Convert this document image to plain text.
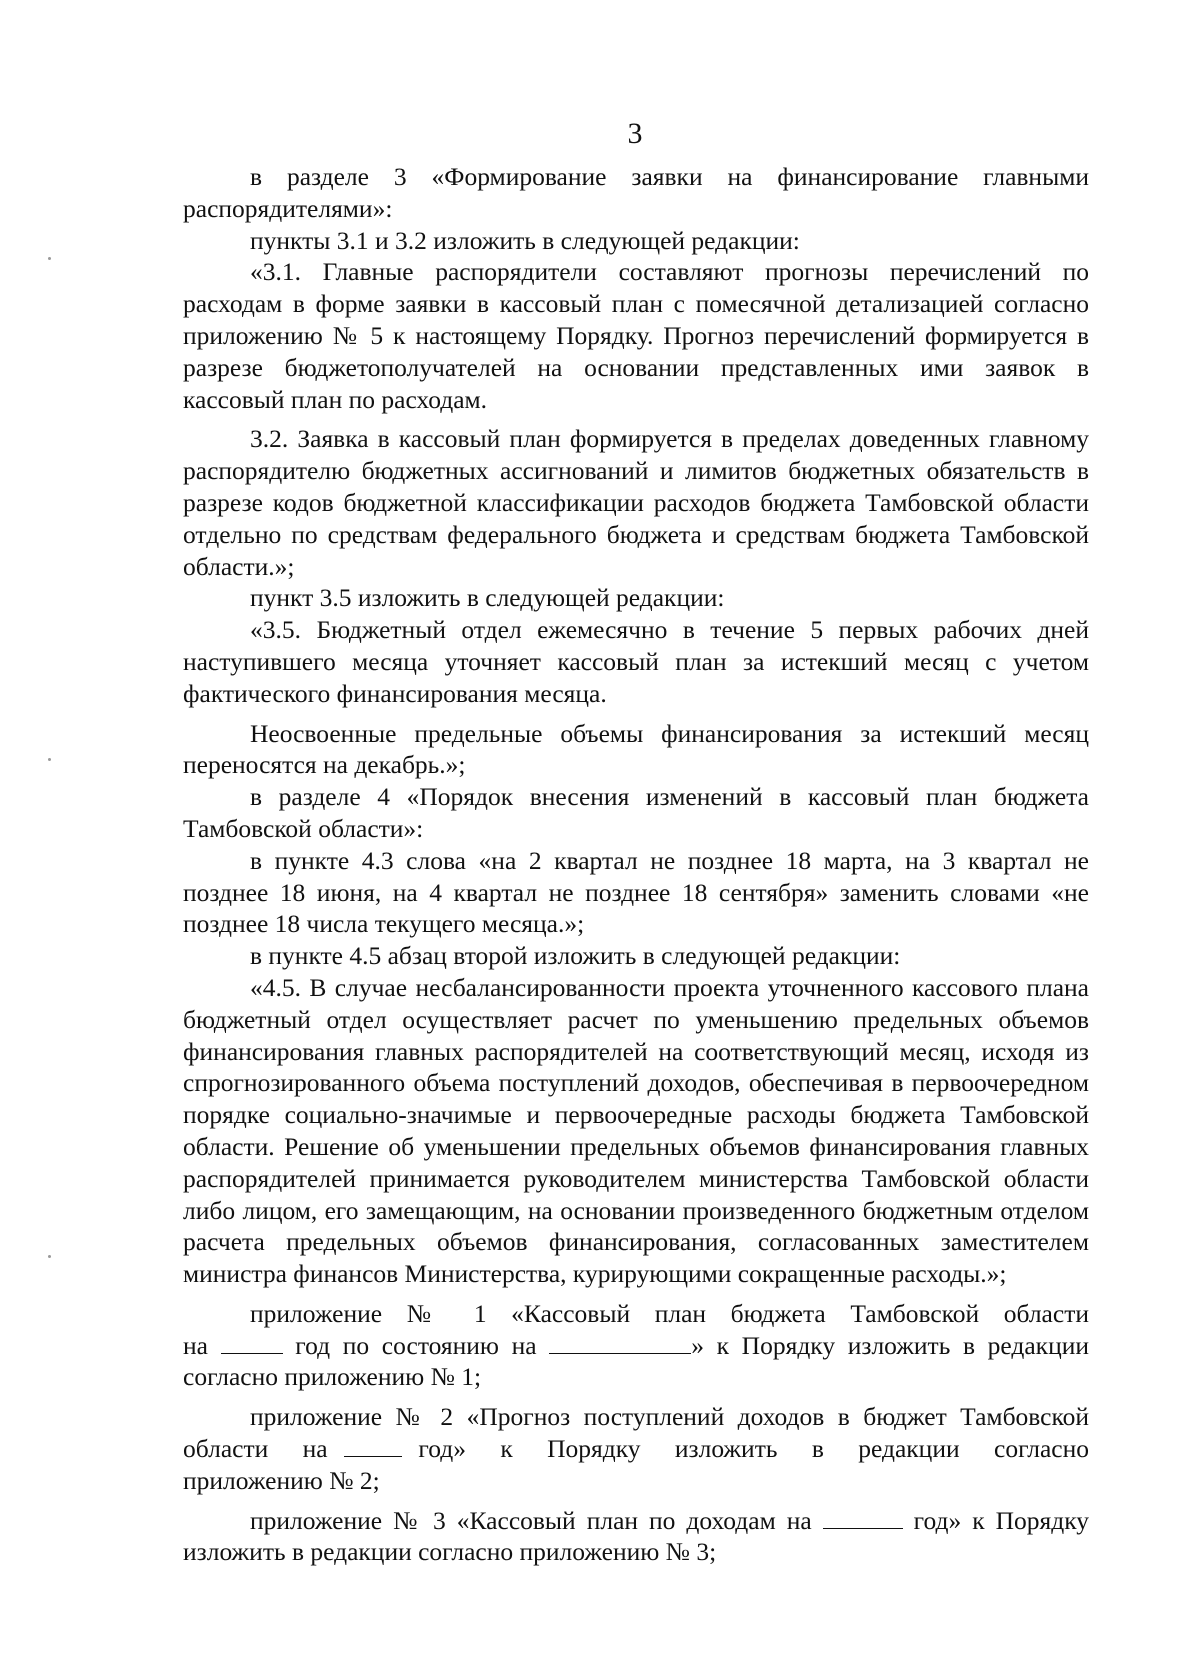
3

в разделе 3 «Формирование заявки на финансирование главными распорядителями»:

пункты 3.1 и 3.2 изложить в следующей редакции:

«3.1. Главные распорядители составляют прогнозы перечислений по расходам в форме заявки в кассовый план с помесячной детализацией согласно приложению № 5 к настоящему Порядку. Прогноз перечислений формируется в разрезе бюджетополучателей на основании представленных ими заявок в кассовый план по расходам.

3.2. Заявка в кассовый план формируется в пределах доведенных главному распорядителю бюджетных ассигнований и лимитов бюджетных обязательств в разрезе кодов бюджетной классификации расходов бюджета Тамбовской области отдельно по средствам федерального бюджета и средствам бюджета Тамбовской области.»;

пункт 3.5 изложить в следующей редакции:

«3.5. Бюджетный отдел ежемесячно в течение 5 первых рабочих дней наступившего месяца уточняет кассовый план за истекший месяц с учетом фактического финансирования месяца.

Неосвоенные предельные объемы финансирования за истекший месяц переносятся на декабрь.»;

в разделе 4 «Порядок внесения изменений в кассовый план бюджета Тамбовской области»:

в пункте 4.3 слова «на 2 квартал не позднее 18 марта, на 3 квартал не позднее 18 июня, на 4 квартал не позднее 18 сентября» заменить словами «не позднее 18 числа текущего месяца.»;

в пункте 4.5 абзац второй изложить в следующей редакции:

«4.5. В случае несбалансированности проекта уточненного кассового плана бюджетный отдел осуществляет расчет по уменьшению предельных объемов финансирования главных распорядителей на соответствующий месяц, исходя из спрогнозированного объема поступлений доходов, обеспечивая в первоочередном порядке социально-значимые и первоочередные расходы бюджета Тамбовской области. Решение об уменьшении предельных объемов финансирования главных распорядителей принимается руководителем министерства Тамбовской области либо лицом, его замещающим, на основании произведенного бюджетным отделом расчета предельных объемов финансирования, согласованных заместителем министра финансов Министерства, курирующими сокращенные расходы.»;

приложение № 1 «Кассовый план бюджета Тамбовской области

на	год по состоянию на	» к Порядку изложить в редакции

согласно приложению № 1;

приложение № 2 «Прогноз поступлений доходов в бюджет Тамбовской

области на	год» к Порядку изложить в редакции согласно

приложению № 2;

приложение № 3 «Кассовый план по доходам на	год» к Порядку

изложить в редакции согласно приложению № 3;
